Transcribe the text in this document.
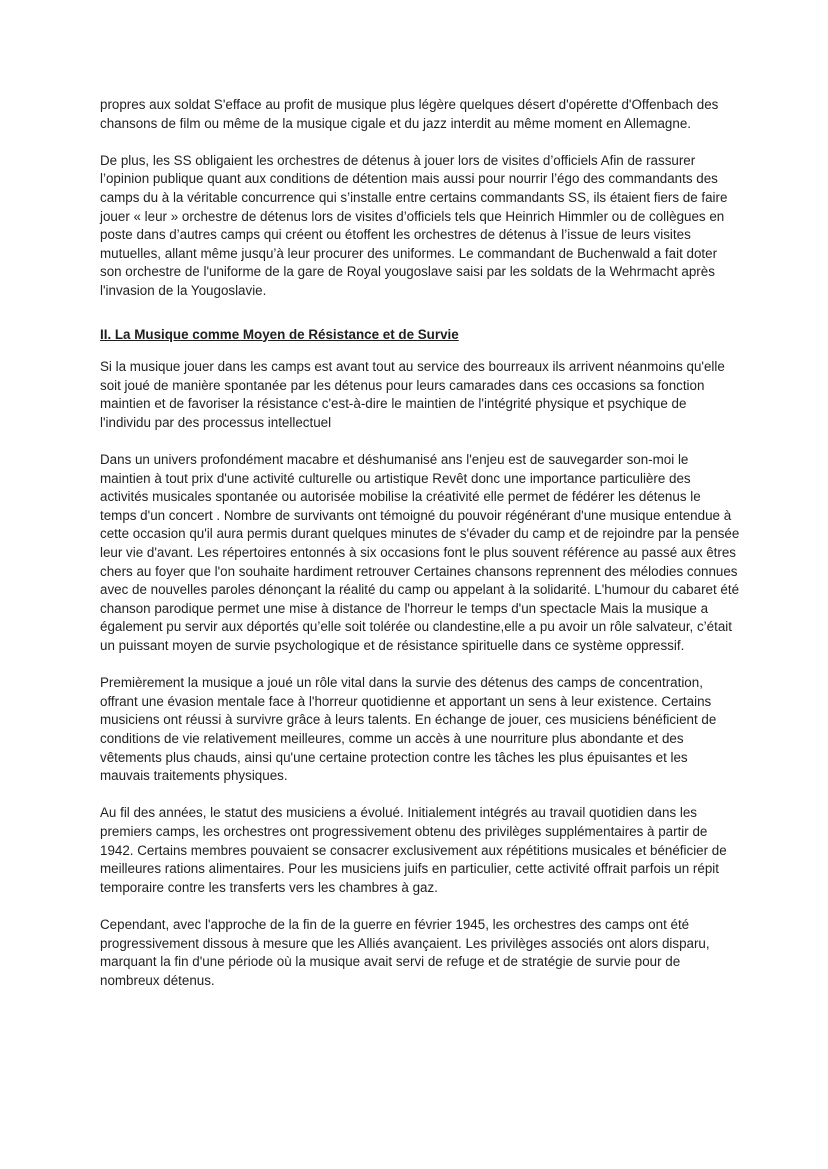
propres aux soldat S'efface au profit de musique plus légère quelques désert d'opérette d'Offenbach des chansons de film ou même de la musique cigale et du jazz interdit au même moment en Allemagne.

De plus, les SS obligaient les orchestres de détenus à jouer lors de visites d’officiels Afin de rassurer l’opinion publique quant aux conditions de détention mais aussi pour nourrir l’égo des commandants des camps du à la véritable concurrence qui s’installe entre certains commandants SS, ils étaient fiers de faire jouer « leur » orchestre de détenus lors de visites d’officiels tels que Heinrich Himmler ou de collègues en poste dans d’autres camps qui créent ou étoffent les orchestres de détenus à l’issue de leurs visites mutuelles, allant même jusqu’à leur procurer des uniformes. Le commandant de Buchenwald a fait doter son orchestre de l'uniforme de la gare de Royal yougoslave saisi par les soldats de la Wehrmacht après l'invasion de la Yougoslavie.

II. La Musique comme Moyen de Résistance et de Survie

Si la musique jouer dans les camps est avant tout au service des bourreaux ils arrivent néanmoins qu'elle soit joué de manière spontanée par les détenus pour leurs camarades dans ces occasions sa fonction maintien et de favoriser la résistance c'est-à-dire le maintien de l'intégrité physique et psychique de l'individu par des processus intellectuel

Dans un univers profondément macabre et déshumanisé ans l'enjeu est de sauvegarder son-moi le maintien à tout prix d'une activité culturelle ou artistique Revêt donc une importance particulière des activités musicales spontanée ou autorisée mobilise la créativité elle permet de fédérer les détenus le temps d'un concert . Nombre de survivants ont témoigné du pouvoir régénérant d'une musique entendue à cette occasion qu'il aura permis durant quelques minutes de s'évader du camp et de rejoindre par la pensée leur vie d'avant. Les répertoires entonnés à six occasions font le plus souvent référence au passé aux êtres chers au foyer que l'on souhaite hardiment retrouver Certaines chansons reprennent des mélodies connues avec de nouvelles paroles dénonçant la réalité du camp ou appelant à la solidarité. L'humour du cabaret été chanson parodique permet une mise à distance de l'horreur le temps d'un spectacle Mais la musique a également pu servir aux déportés qu’elle soit tolérée ou clandestine,elle a pu avoir un rôle salvateur, c’était un puissant moyen de survie psychologique et de résistance spirituelle dans ce système oppressif.

Premièrement la musique a joué un rôle vital dans la survie des détenus des camps de concentration, offrant une évasion mentale face à l'horreur quotidienne et apportant un sens à leur existence. Certains musiciens ont réussi à survivre grâce à leurs talents. En échange de jouer, ces musiciens bénéficient de conditions de vie relativement meilleures, comme un accès à une nourriture plus abondante et des vêtements plus chauds, ainsi qu'une certaine protection contre les tâches les plus épuisantes et les mauvais traitements physiques.

Au fil des années, le statut des musiciens a évolué. Initialement intégrés au travail quotidien dans les premiers camps, les orchestres ont progressivement obtenu des privilèges supplémentaires à partir de 1942. Certains membres pouvaient se consacrer exclusivement aux répétitions musicales et bénéficier de meilleures rations alimentaires. Pour les musiciens juifs en particulier, cette activité offrait parfois un répit temporaire contre les transferts vers les chambres à gaz.

Cependant, avec l'approche de la fin de la guerre en février 1945, les orchestres des camps ont été progressivement dissous à mesure que les Alliés avançaient. Les privilèges associés ont alors disparu, marquant la fin d'une période où la musique avait servi de refuge et de stratégie de survie pour de nombreux détenus.
